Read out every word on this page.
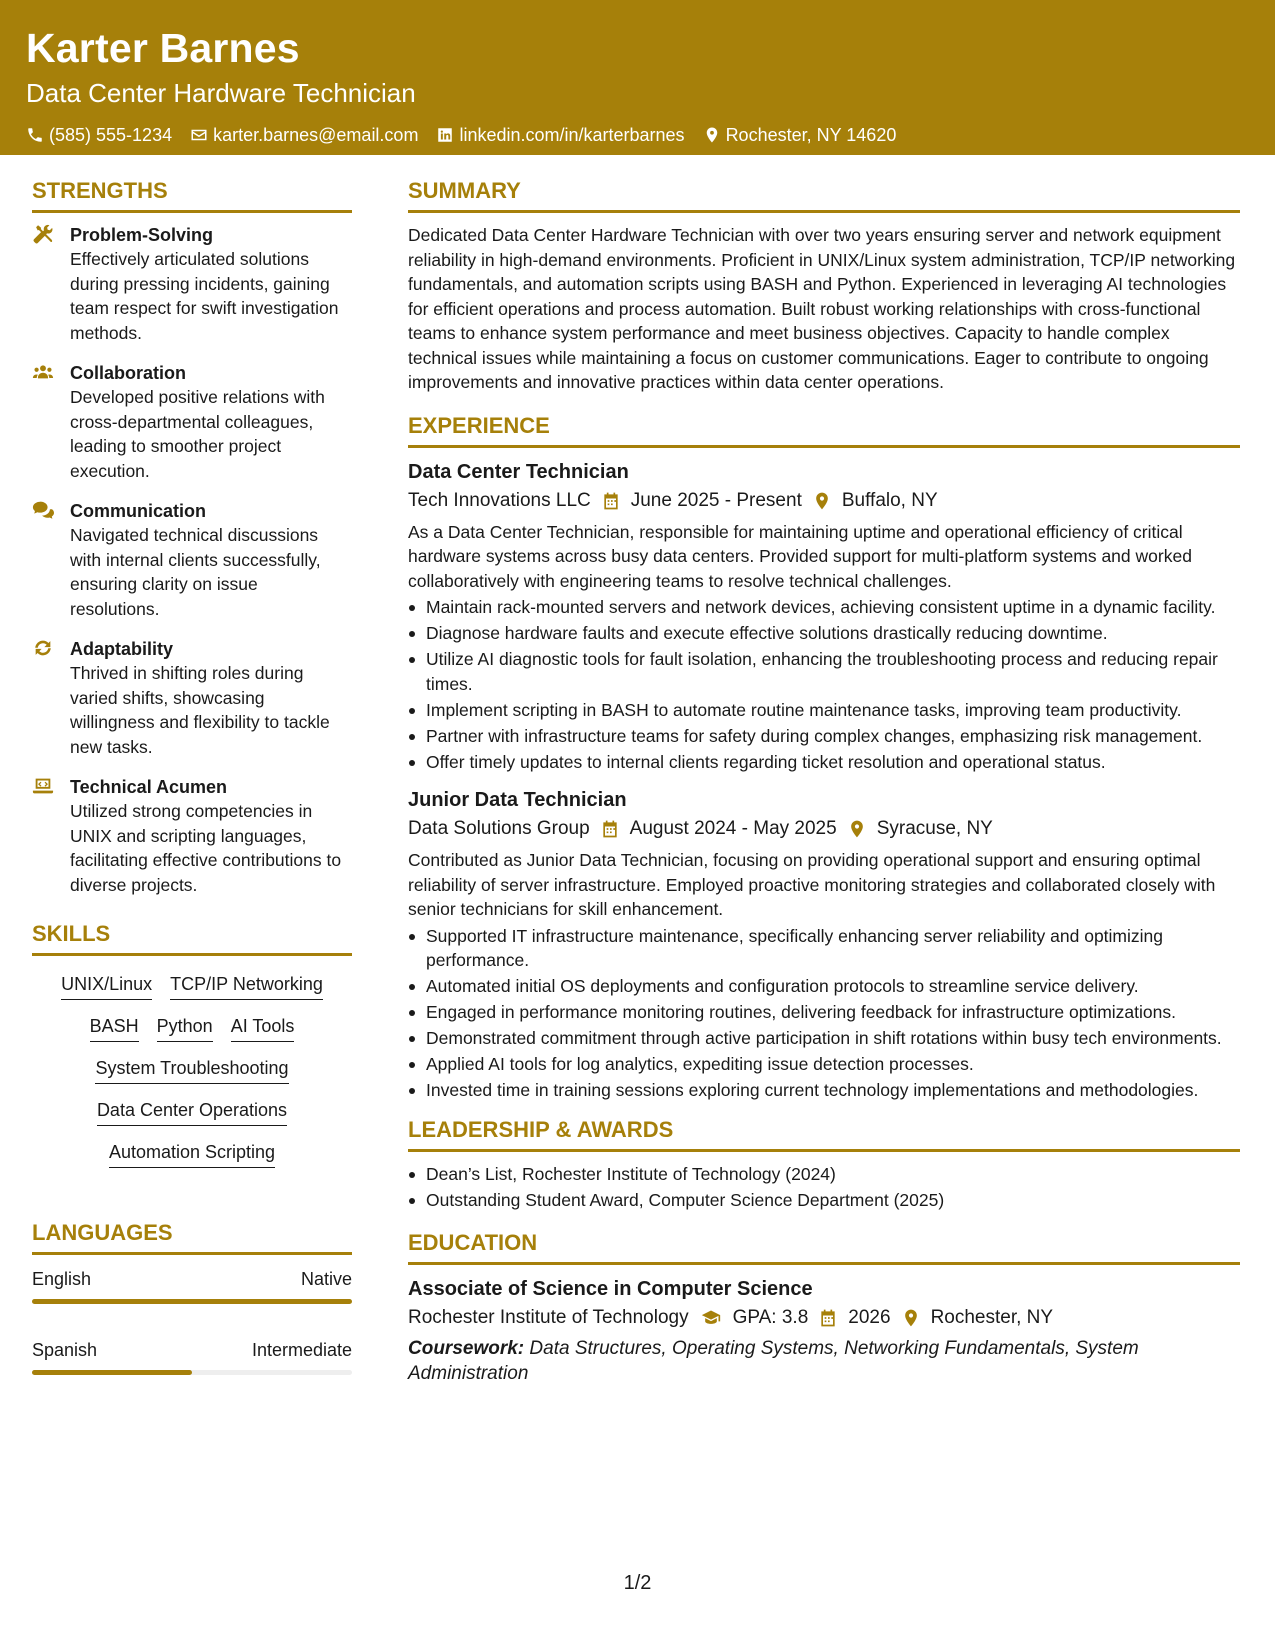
Karter Barnes
Data Center Hardware Technician
(585) 555-1234 karter.barnes@email.com linkedin.com/in/karterbarnes Rochester, NY 14620
STRENGTHS
Problem-Solving
Effectively articulated solutions during pressing incidents, gaining team respect for swift investigation methods.
Collaboration
Developed positive relations with cross-departmental colleagues, leading to smoother project execution.
Communication
Navigated technical discussions with internal clients successfully, ensuring clarity on issue resolutions.
Adaptability
Thrived in shifting roles during varied shifts, showcasing willingness and flexibility to tackle new tasks.
Technical Acumen
Utilized strong competencies in UNIX and scripting languages, facilitating effective contributions to diverse projects.
SKILLS
UNIX/Linux TCP/IP Networking
BASH Python AI Tools
System Troubleshooting
Data Center Operations
Automation Scripting
LANGUAGES
English	Native
Spanish	Intermediate
SUMMARY
Dedicated Data Center Hardware Technician with over two years ensuring server and network equipment reliability in high-demand environments. Proficient in UNIX/Linux system administration, TCP/IP networking fundamentals, and automation scripts using BASH and Python. Experienced in leveraging AI technologies for efficient operations and process automation. Built robust working relationships with cross-functional teams to enhance system performance and meet business objectives. Capacity to handle complex technical issues while maintaining a focus on customer communications. Eager to contribute to ongoing improvements and innovative practices within data center operations.
EXPERIENCE
Data Center Technician
Tech Innovations LLC June 2025 - Present Buffalo, NY
As a Data Center Technician, responsible for maintaining uptime and operational efficiency of critical hardware systems across busy data centers. Provided support for multi-platform systems and worked collaboratively with engineering teams to resolve technical challenges.
Maintain rack-mounted servers and network devices, achieving consistent uptime in a dynamic facility.
Diagnose hardware faults and execute effective solutions drastically reducing downtime.
Utilize AI diagnostic tools for fault isolation, enhancing the troubleshooting process and reducing repair times.
Implement scripting in BASH to automate routine maintenance tasks, improving team productivity.
Partner with infrastructure teams for safety during complex changes, emphasizing risk management.
Offer timely updates to internal clients regarding ticket resolution and operational status.
Junior Data Technician
Data Solutions Group August 2024 - May 2025 Syracuse, NY
Contributed as Junior Data Technician, focusing on providing operational support and ensuring optimal reliability of server infrastructure. Employed proactive monitoring strategies and collaborated closely with senior technicians for skill enhancement.
Supported IT infrastructure maintenance, specifically enhancing server reliability and optimizing performance.
Automated initial OS deployments and configuration protocols to streamline service delivery.
Engaged in performance monitoring routines, delivering feedback for infrastructure optimizations.
Demonstrated commitment through active participation in shift rotations within busy tech environments.
Applied AI tools for log analytics, expediting issue detection processes.
Invested time in training sessions exploring current technology implementations and methodologies.
LEADERSHIP & AWARDS
Dean’s List, Rochester Institute of Technology (2024)
Outstanding Student Award, Computer Science Department (2025)
EDUCATION
Associate of Science in Computer Science
Rochester Institute of Technology GPA: 3.8 2026 Rochester, NY
Coursework: Data Structures, Operating Systems, Networking Fundamentals, System Administration
1/2
